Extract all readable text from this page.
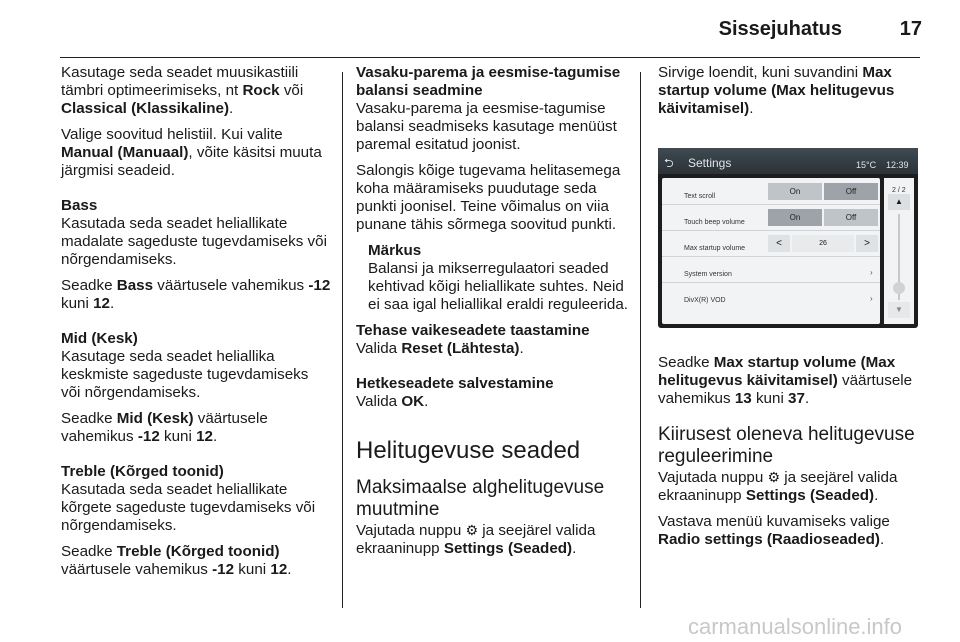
Sissejuhatus	17

Kasutage seda seadet muusikastiili tämbri optimeerimiseks, nt Rock või Classical (Klassikaline).

Valige soovitud helistiil. Kui valite Manual (Manuaal), võite käsitsi muuta järgmisi seadeid.

Bass

Kasutada seda seadet heliallikate madalate sageduste tugevdamiseks või nõrgendamiseks.

Seadke Bass väärtusele vahemikus -12 kuni 12.

Mid (Kesk)

Kasutage seda seadet heliallika keskmiste sageduste tugevdamiseks või nõrgendamiseks.

Seadke Mid (Kesk) väärtusele vahemikus -12 kuni 12.

Treble (Kõrged toonid)

Kasutada seda seadet heliallikate kõrgete sageduste tugevdamiseks või nõrgendamiseks.

Seadke Treble (Kõrged toonid) väärtusele vahemikus -12 kuni 12.

Vasaku-parema ja eesmise-tagumise balansi seadmine

Vasaku-parema ja eesmise-tagumise balansi seadmiseks kasutage menüüst paremal esitatud joonist.

Salongis kõige tugevama helitasemega koha määramiseks puudutage seda punkti joonisel. Teine võimalus on viia punane tähis sõrmega soovitud punkti.

Märkus
Balansi ja mikserregulaatori seaded kehtivad kõigi heliallikate suhtes. Neid ei saa igal heliallikal eraldi reguleerida.

Tehase vaikeseadete taastamine

Valida Reset (Lähtesta).

Hetkeseadete salvestamine

Valida OK.

Helitugevuse seaded
Maksimaalse alghelitugevuse muutmine

Vajutada nuppu ⚙ ja seejärel valida ekraaninupp Settings (Seaded).

Sirvige loendit, kuni suvandini Max startup volume (Max helitugevus käivitamisel).

⮌ Settings	15°C 12:39
Text scroll
On	Off
Touch beep volume
On	Off
Max startup volume	<	26	>
System version	›
DivX(R) VOD	›
2 / 2
▲
▼

Seadke Max startup volume (Max helitugevus käivitamisel) väärtusele vahemikus 13 kuni 37.

Kiirusest oleneva helitugevuse reguleerimine

Vajutada nuppu ⚙ ja seejärel valida ekraaninupp Settings (Seaded).

Vastava menüü kuvamiseks valige Radio settings (Raadioseaded).

carmanualsonline.info
